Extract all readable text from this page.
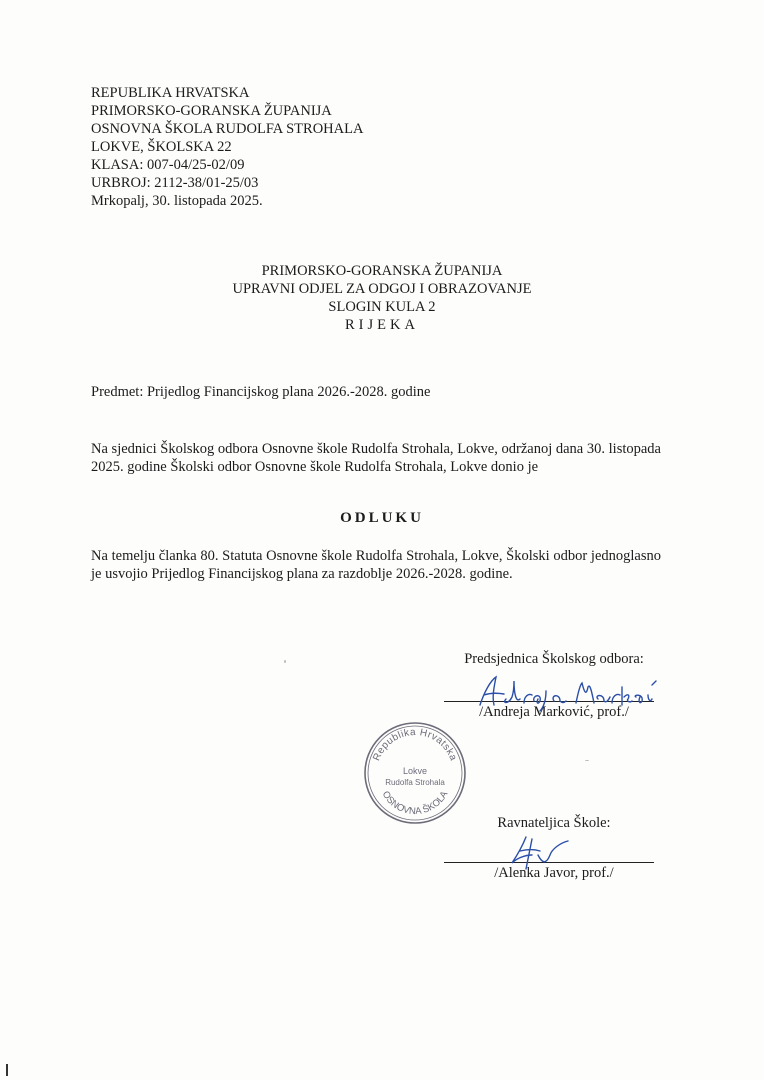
REPUBLIKA HRVATSKA
PRIMORSKO-GORANSKA ŽUPANIJA
OSNOVNA ŠKOLA RUDOLFA STROHALA
LOKVE, ŠKOLSKA 22
KLASA: 007-04/25-02/09
URBROJ: 2112-38/01-25/03
Mrkopalj, 30. listopada 2025.
PRIMORSKO-GORANSKA ŽUPANIJA
UPRAVNI ODJEL ZA ODGOJ I OBRAZOVANJE
SLOGIN KULA 2
RIJEKA
Predmet: Prijedlog Financijskog plana 2026.-2028. godine
Na sjednici Školskog odbora Osnovne škole Rudolfa Strohala, Lokve, održanoj dana 30. listopada 2025. godine Školski odbor Osnovne škole Rudolfa Strohala, Lokve donio je
ODLUKU
Na temelju članka 80. Statuta Osnovne škole Rudolfa Strohala, Lokve, Školski odbor jednoglasno je usvojio Prijedlog Financijskog plana za razdoblje 2026.-2028. godine.
Predsjednica Školskog odbora:
/Andreja Marković, prof./
Republika Hrvatska
Lokve
Rudolfa Strohala
OSNOVNA ŠKOLA
Ravnateljica Škole:
/Alenka Javor, prof./
